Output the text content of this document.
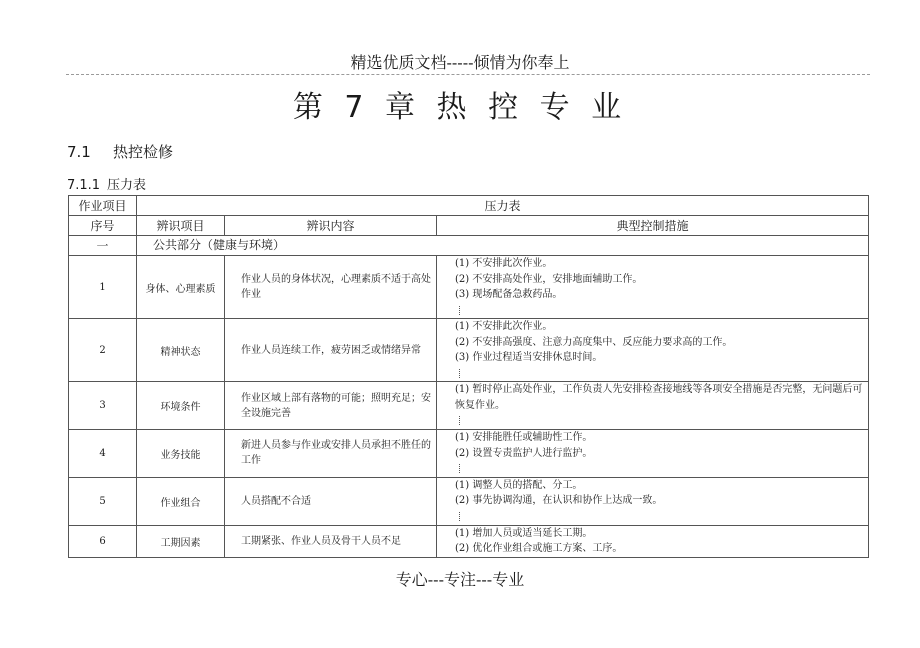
精选优质文档-----倾情为你奉上
第 7 章 热 控 专 业
7.1 热控检修
7.1.1 压力表
作业项目	压力表		
序号	辨识项目	辨识内容	典型控制措施
一	公共部分（健康与环境）		
1	身体、心理素质	作业人员的身体状况，心理素质不适于高处作业	(1) 不安排此次作业。
(2) 不安排高处作业，安排地面辅助工作。
(3) 现场配备急救药品。

2	精神状态	作业人员连续工作，疲劳困乏或情绪异常	(1) 不安排此次作业。
(2) 不安排高强度、注意力高度集中、反应能力要求高的工作。
(3) 作业过程适当安排休息时间。

3	环境条件	作业区域上部有落物的可能；照明充足；安全设施完善	(1) 暂时停止高处作业，工作负责人先安排检查接地线等各项安全措施是否完整，无问题后可恢复作业。

4	业务技能	新进人员参与作业或安排人员承担不胜任的工作	(1) 安排能胜任或辅助性工作。
(2) 设置专责监护人进行监护。

5	作业组合	人员搭配不合适	(1) 调整人员的搭配、分工。
(2) 事先协调沟通，在认识和协作上达成一致。

6	工期因素	工期紧张、作业人员及骨干人员不足	(1) 增加人员或适当延长工期。
(2) 优化作业组合或施工方案、工序。
专心---专注---专业
